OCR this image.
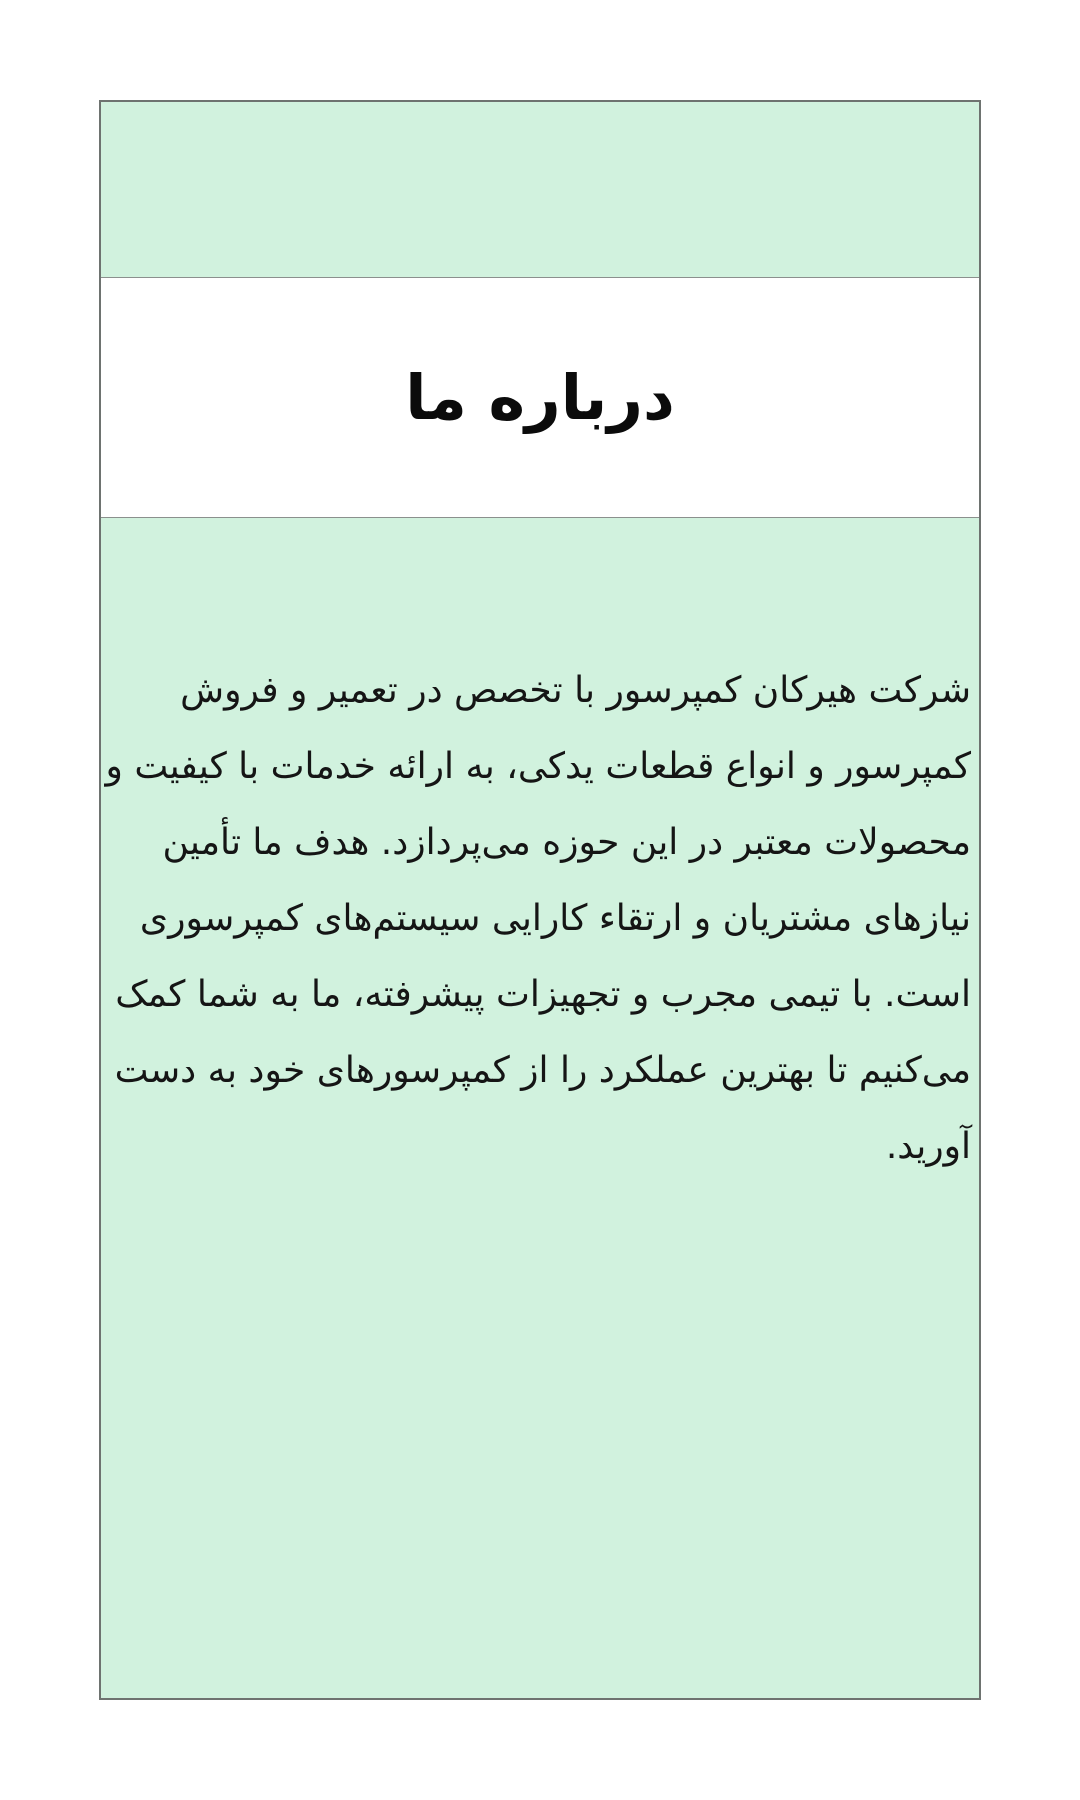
درباره ما
شرکت هیرکان کمپرسور با تخصص در تعمیر و فروش
کمپرسور و انواع قطعات یدکی، به ارائه خدمات با کیفیت و
محصولات معتبر در این حوزه می‌پردازد. هدف ما تأمین
نیازهای مشتریان و ارتقاء کارایی سیستم‌های کمپرسوری
است. با تیمی مجرب و تجهیزات پیشرفته، ما به شما کمک
می‌کنیم تا بهترین عملکرد را از کمپرسورهای خود به دست
آورید.
